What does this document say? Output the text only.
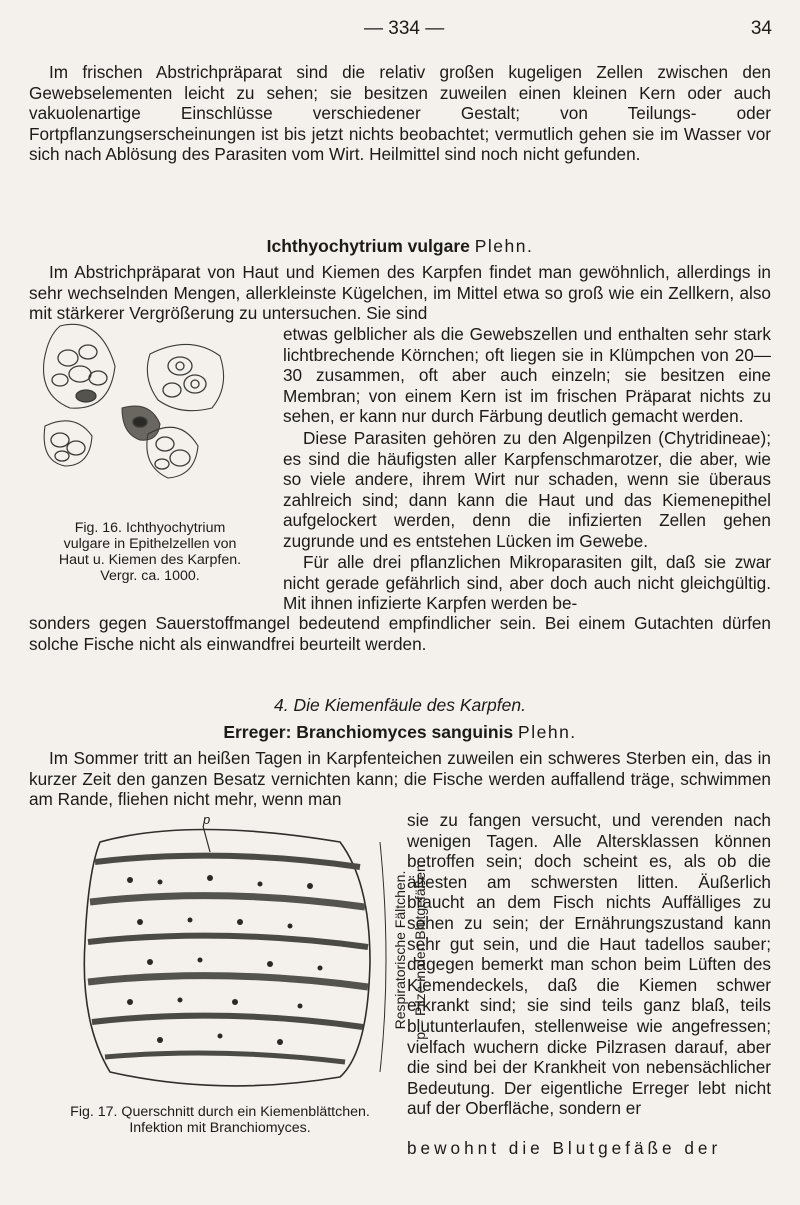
— 334 —	34

Im frischen Abstrichpräparat sind die relativ großen kugeligen Zellen zwischen den Gewebselementen leicht zu sehen; sie besitzen zuweilen einen kleinen Kern oder auch vakuolenartige Einschlüsse verschiedener Gestalt; von Teilungs- oder Fortpflanzungserscheinungen ist bis jetzt nichts beobachtet; vermutlich gehen sie im Wasser vor sich nach Ablösung des Parasiten vom Wirt. Heilmittel sind noch nicht gefunden.

Ichthyochytrium vulgare Plehn.

Im Abstrichpräparat von Haut und Kiemen des Karpfen findet man gewöhnlich, allerdings in sehr wechselnden Mengen, allerkleinste Kügelchen, im Mittel etwa so groß wie ein Zellkern, also mit stärkerer Vergrößerung zu untersuchen. Sie sind

etwas gelblicher als die Gewebszellen und enthalten sehr stark lichtbrechende Körnchen; oft liegen sie in Klümpchen von 20—30 zusammen, oft aber auch einzeln; sie besitzen eine Membran; von einem Kern ist im frischen Präparat nichts zu sehen, er kann nur durch Färbung deutlich gemacht werden.

Diese Parasiten gehören zu den Algenpilzen (Chytridineae); es sind die häufigsten aller Karpfenschmarotzer, die aber, wie so viele andere, ihrem Wirt nur schaden, wenn sie überaus zahlreich sind; dann kann die Haut und das Kiemenepithel aufgelockert werden, denn die infizierten Zellen gehen zugrunde und es entstehen Lücken im Gewebe.

Für alle drei pflanzlichen Mikroparasiten gilt, daß sie zwar nicht gerade gefährlich sind, aber doch auch nicht gleichgültig. Mit ihnen infizierte Karpfen werden be-

sonders gegen Sauerstoffmangel bedeutend empfindlicher sein. Bei einem Gutachten dürfen solche Fische nicht als einwandfrei beurteilt werden.

Fig. 16. Ichthyochytrium
vulgare in Epithelzellen von
Haut u. Kiemen des Karpfen.
Vergr. ca. 1000.
4. Die Kiemenfäule des Karpfen.
Erreger: Branchiomyces sanguinis Plehn.

Im Sommer tritt an heißen Tagen in Karpfenteichen zuweilen ein schweres Sterben ein, das in kurzer Zeit den ganzen Besatz vernichten kann; die Fische werden auffallend träge, schwimmen am Rande, fliehen nicht mehr, wenn man

sie zu fangen versucht, und verenden nach wenigen Tagen. Alle Altersklassen können betroffen sein; doch scheint es, als ob die ältesten am schwersten litten. Äußerlich braucht an dem Fisch nichts Auffälliges zu sehen zu sein; der Ernährungszustand kann sehr gut sein, und die Haut tadellos sauber; dagegen bemerkt man schon beim Lüften des Kiemendeckels, daß die Kiemen schwer erkrankt sind; sie sind teils ganz blaß, teils blutunterlaufen, stellenweise wie angefressen; vielfach wuchern dicke Pilzrasen darauf, aber die sind bei der Krankheit von nebensächlicher Bedeutung. Der eigentliche Erreger lebt nicht auf der Oberfläche, sondern er

bewohnt die Blutgefäße der
p
Respiratorische Fältchen. p = Pilze in den Blutgefäßen.
Fig. 17. Querschnitt durch ein Kiemenblättchen.
Infektion mit Branchiomyces.
